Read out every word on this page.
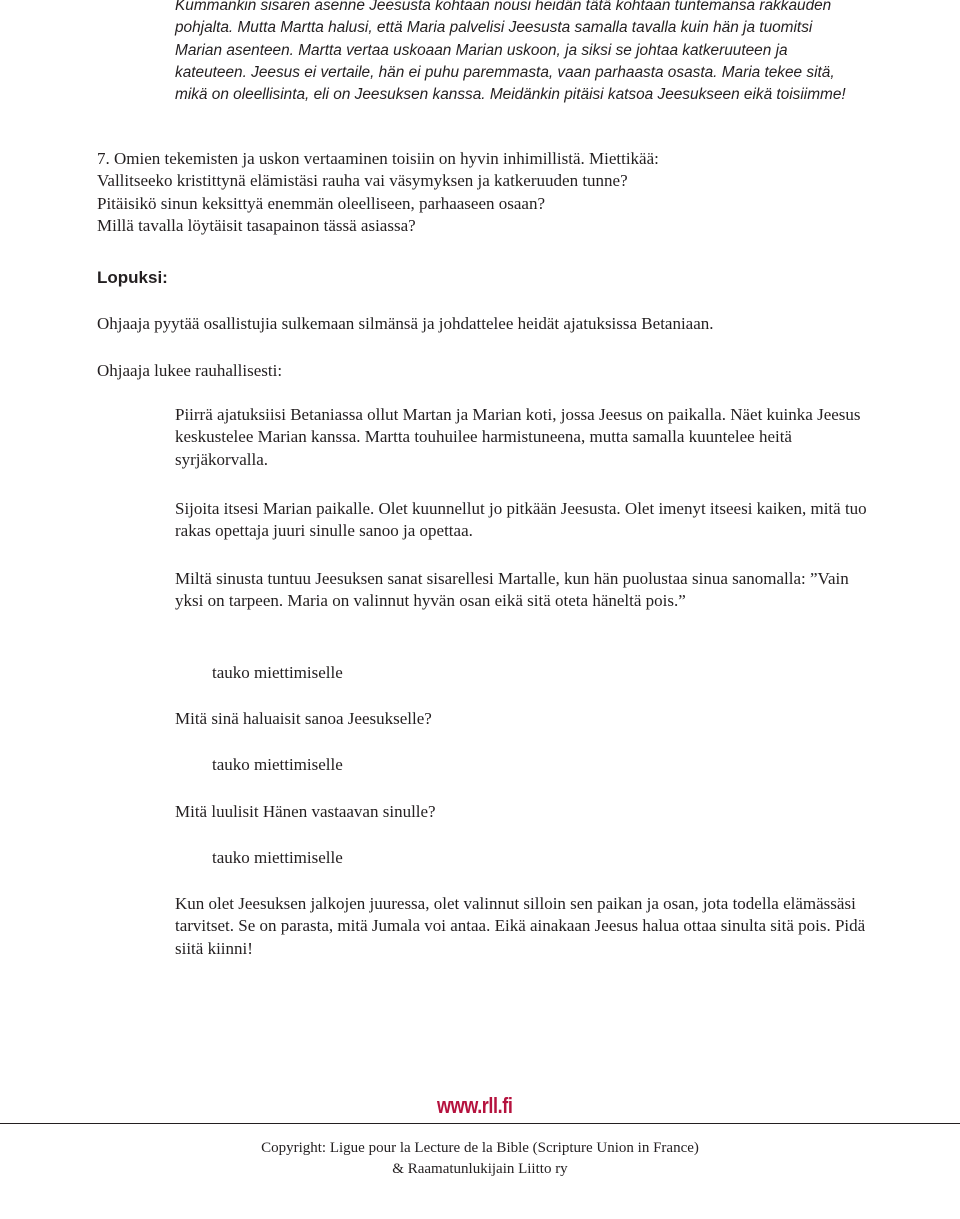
Kummankin sisaren asenne Jeesusta kohtaan nousi heidän tätä kohtaan tuntemansa rakkauden pohjalta. Mutta Martta halusi, että Maria palvelisi Jeesusta samalla tavalla kuin hän ja tuomitsi Marian asenteen. Martta vertaa uskoaan Marian uskoon, ja siksi se johtaa katkeruuteen ja kateuteen. Jeesus ei vertaile, hän ei puhu paremmasta, vaan parhaasta osasta. Maria tekee sitä, mikä on oleellisinta, eli on Jeesuksen kanssa. Meidänkin pitäisi katsoa Jeesukseen eikä toisiimme!

7. Omien tekemisten ja uskon vertaaminen toisiin on hyvin inhimillistä. Miettikää:

Vallitseeko kristittynä elämistäsi rauha vai väsymyksen ja katkeruuden tunne?

Pitäisikö sinun keksittyä enemmän oleelliseen, parhaaseen osaan?

Millä tavalla löytäisit tasapainon tässä asiassa?

Lopuksi:

Ohjaaja pyytää osallistujia sulkemaan silmänsä ja johdattelee heidät ajatuksissa Betaniaan.

Ohjaaja lukee rauhallisesti:

Piirrä ajatuksiisi Betaniassa ollut Martan ja Marian koti, jossa Jeesus on paikalla. Näet kuinka Jeesus keskustelee Marian kanssa. Martta touhuilee harmistuneena, mutta samalla kuuntelee heitä syrjäkorvalla.

Sijoita itsesi Marian paikalle. Olet kuunnellut jo pitkään Jeesusta. Olet imenyt itseesi kaiken, mitä tuo rakas opettaja juuri sinulle sanoo ja opettaa.

Miltä sinusta tuntuu Jeesuksen sanat sisarellesi Martalle, kun hän puolustaa sinua sanomalla: ”Vain yksi on tarpeen. Maria on valinnut hyvän osan eikä sitä oteta häneltä pois.”

tauko miettimiselle
Mitä sinä haluaisit sanoa Jeesukselle?
tauko miettimiselle
Mitä luulisit Hänen vastaavan sinulle?
tauko miettimiselle

Kun olet Jeesuksen jalkojen juuressa, olet valinnut silloin sen paikan ja osan, jota todella elämässäsi tarvitset. Se on parasta, mitä Jumala voi antaa. Eikä ainakaan Jeesus halua ottaa sinulta sitä pois. Pidä siitä kiinni!

www.rll.fi
Copyright: Ligue pour la Lecture de la Bible (Scripture Union in France)
& Raamatunlukijain Liitto ry
